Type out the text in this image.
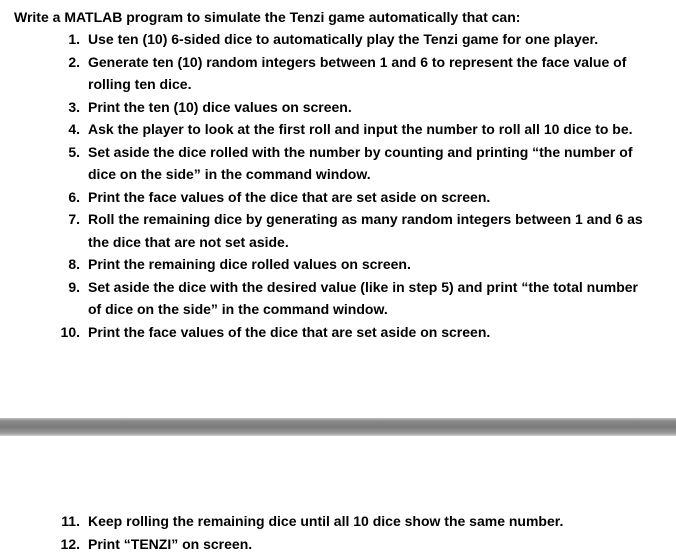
Write a MATLAB program to simulate the Tenzi game automatically that can:

1. Use ten (10) 6-sided dice to automatically play the Tenzi game for one player.
2. Generate ten (10) random integers between 1 and 6 to represent the face value of rolling ten dice.
3. Print the ten (10) dice values on screen.
4. Ask the player to look at the first roll and input the number to roll all 10 dice to be.
5. Set aside the dice rolled with the number by counting and printing “the number of dice on the side” in the command window.
6. Print the face values of the dice that are set aside on screen.
7. Roll the remaining dice by generating as many random integers between 1 and 6 as the dice that are not set aside.
8. Print the remaining dice rolled values on screen.
9. Set aside the dice with the desired value (like in step 5) and print “the total number of dice on the side” in the command window.
10. Print the face values of the dice that are set aside on screen.
11. Keep rolling the remaining dice until all 10 dice show the same number.
12. Print “TENZI” on screen.
